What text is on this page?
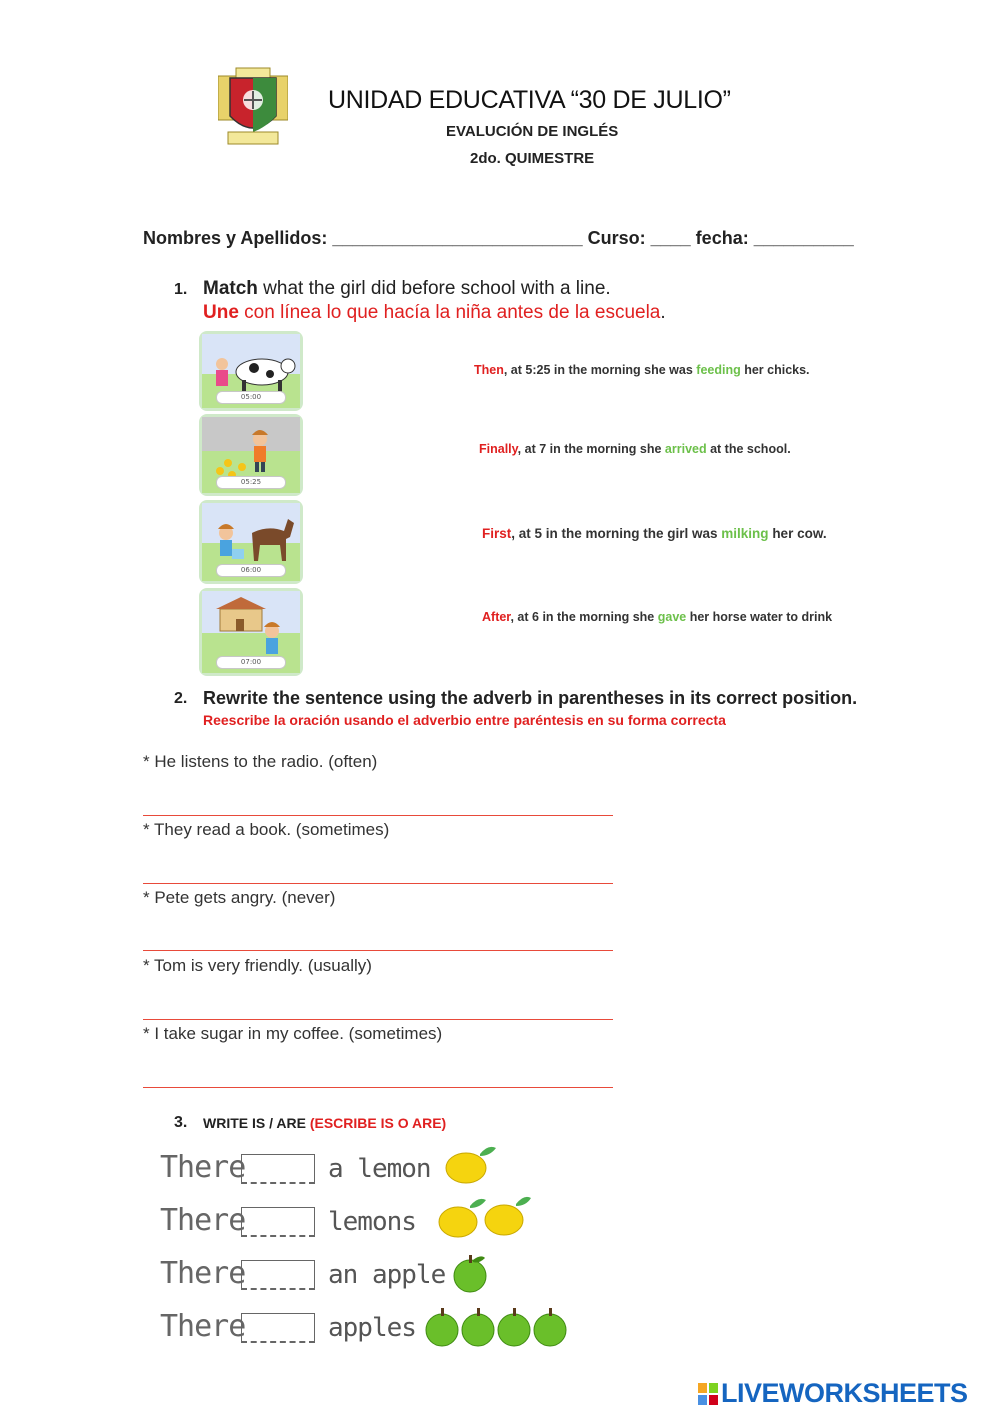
UNIDAD EDUCATIVA “30 DE JULIO”
EVALUCIÓN DE INGLÉS
2do. QUIMESTRE
Nombres y Apellidos: _________________________ Curso: ____ fecha: __________
1. Match what the girl did before school with a line.
Une con línea lo que hacía la niña antes de la escuela.
05:00
05:25
06:00
07:00
Then, at 5:25 in the morning she was feeding her chicks.
Finally, at 7 in the morning she arrived at the school.
First, at 5 in the morning the girl was milking her cow.
After, at 6 in the morning she gave her horse water to drink
2. Rewrite the sentence using the adverb in parentheses in its correct position.
Reescribe la oración usando el adverbio entre paréntesis en su forma correcta
* He listens to the radio. (often)
* They read a book. (sometimes)
* Pete gets angry. (never)
* Tom is very friendly. (usually)
* I take sugar in my coffee. (sometimes)
3. WRITE IS / ARE (ESCRIBE IS O ARE)
There	a lemon
There	lemons
There	an apple
There	apples
LIVEWORKSHEETS
